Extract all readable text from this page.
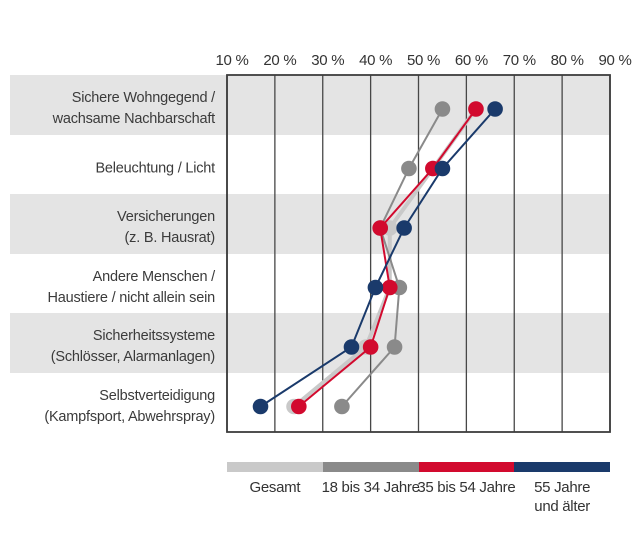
10 % 20 % 30 % 40 % 50 % 60 % 70 % 80 % 90 %
Sichere Wohngegend /
wachsame Nachbarschaft
Beleuchtung / Licht
Versicherungen
(z. B. Hausrat)
Andere Menschen /
Haustiere / nicht allein sein
Sicherheitssysteme
(Schlösser, Alarmanlagen)
Selbstverteidigung
(Kampfsport, Abwehrspray)
Gesamt 18 bis 34 Jahre
35 bis 54 Jahre 55 Jahre
und älter
